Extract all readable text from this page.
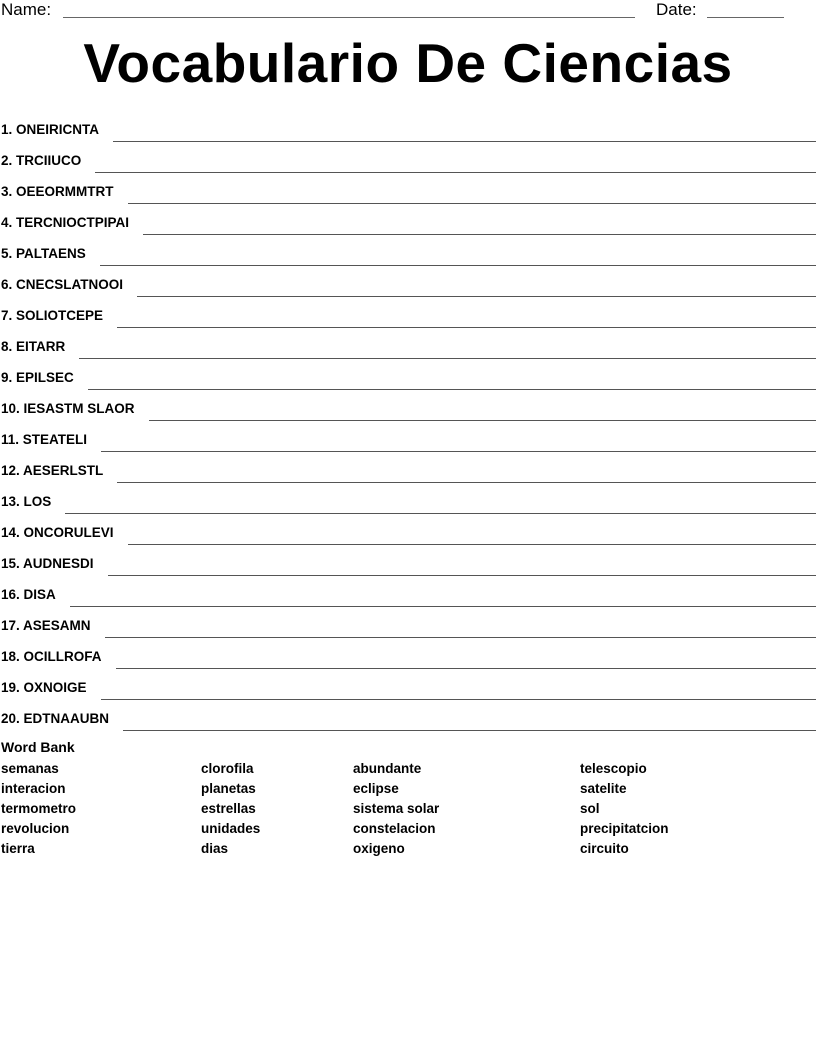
Name:	Date:
Vocabulario De Ciencias
1. ONEIRICNTA
2. TRCIIUCO
3. OEEORMMTRT
4. TERCNIOCTPIPAI
5. PALTAENS
6. CNECSLATNOOI
7. SOLIOTCEPE
8. EITARR
9. EPILSEC
10. IESASTM SLAOR
11. STEATELI
12. AESERLSTL
13. LOS
14. ONCORULEVI
15. AUDNESDI
16. DISA
17. ASESAMN
18. OCILLROFA
19. OXNOIGE
20. EDTNAAUBN
Word Bank
semanas
interacion
termometro
revolucion
tierra
clorofila
planetas
estrellas
unidades
dias
abundante
eclipse
sistema solar
constelacion
oxigeno
telescopio
satelite
sol
precipitatcion
circuito
